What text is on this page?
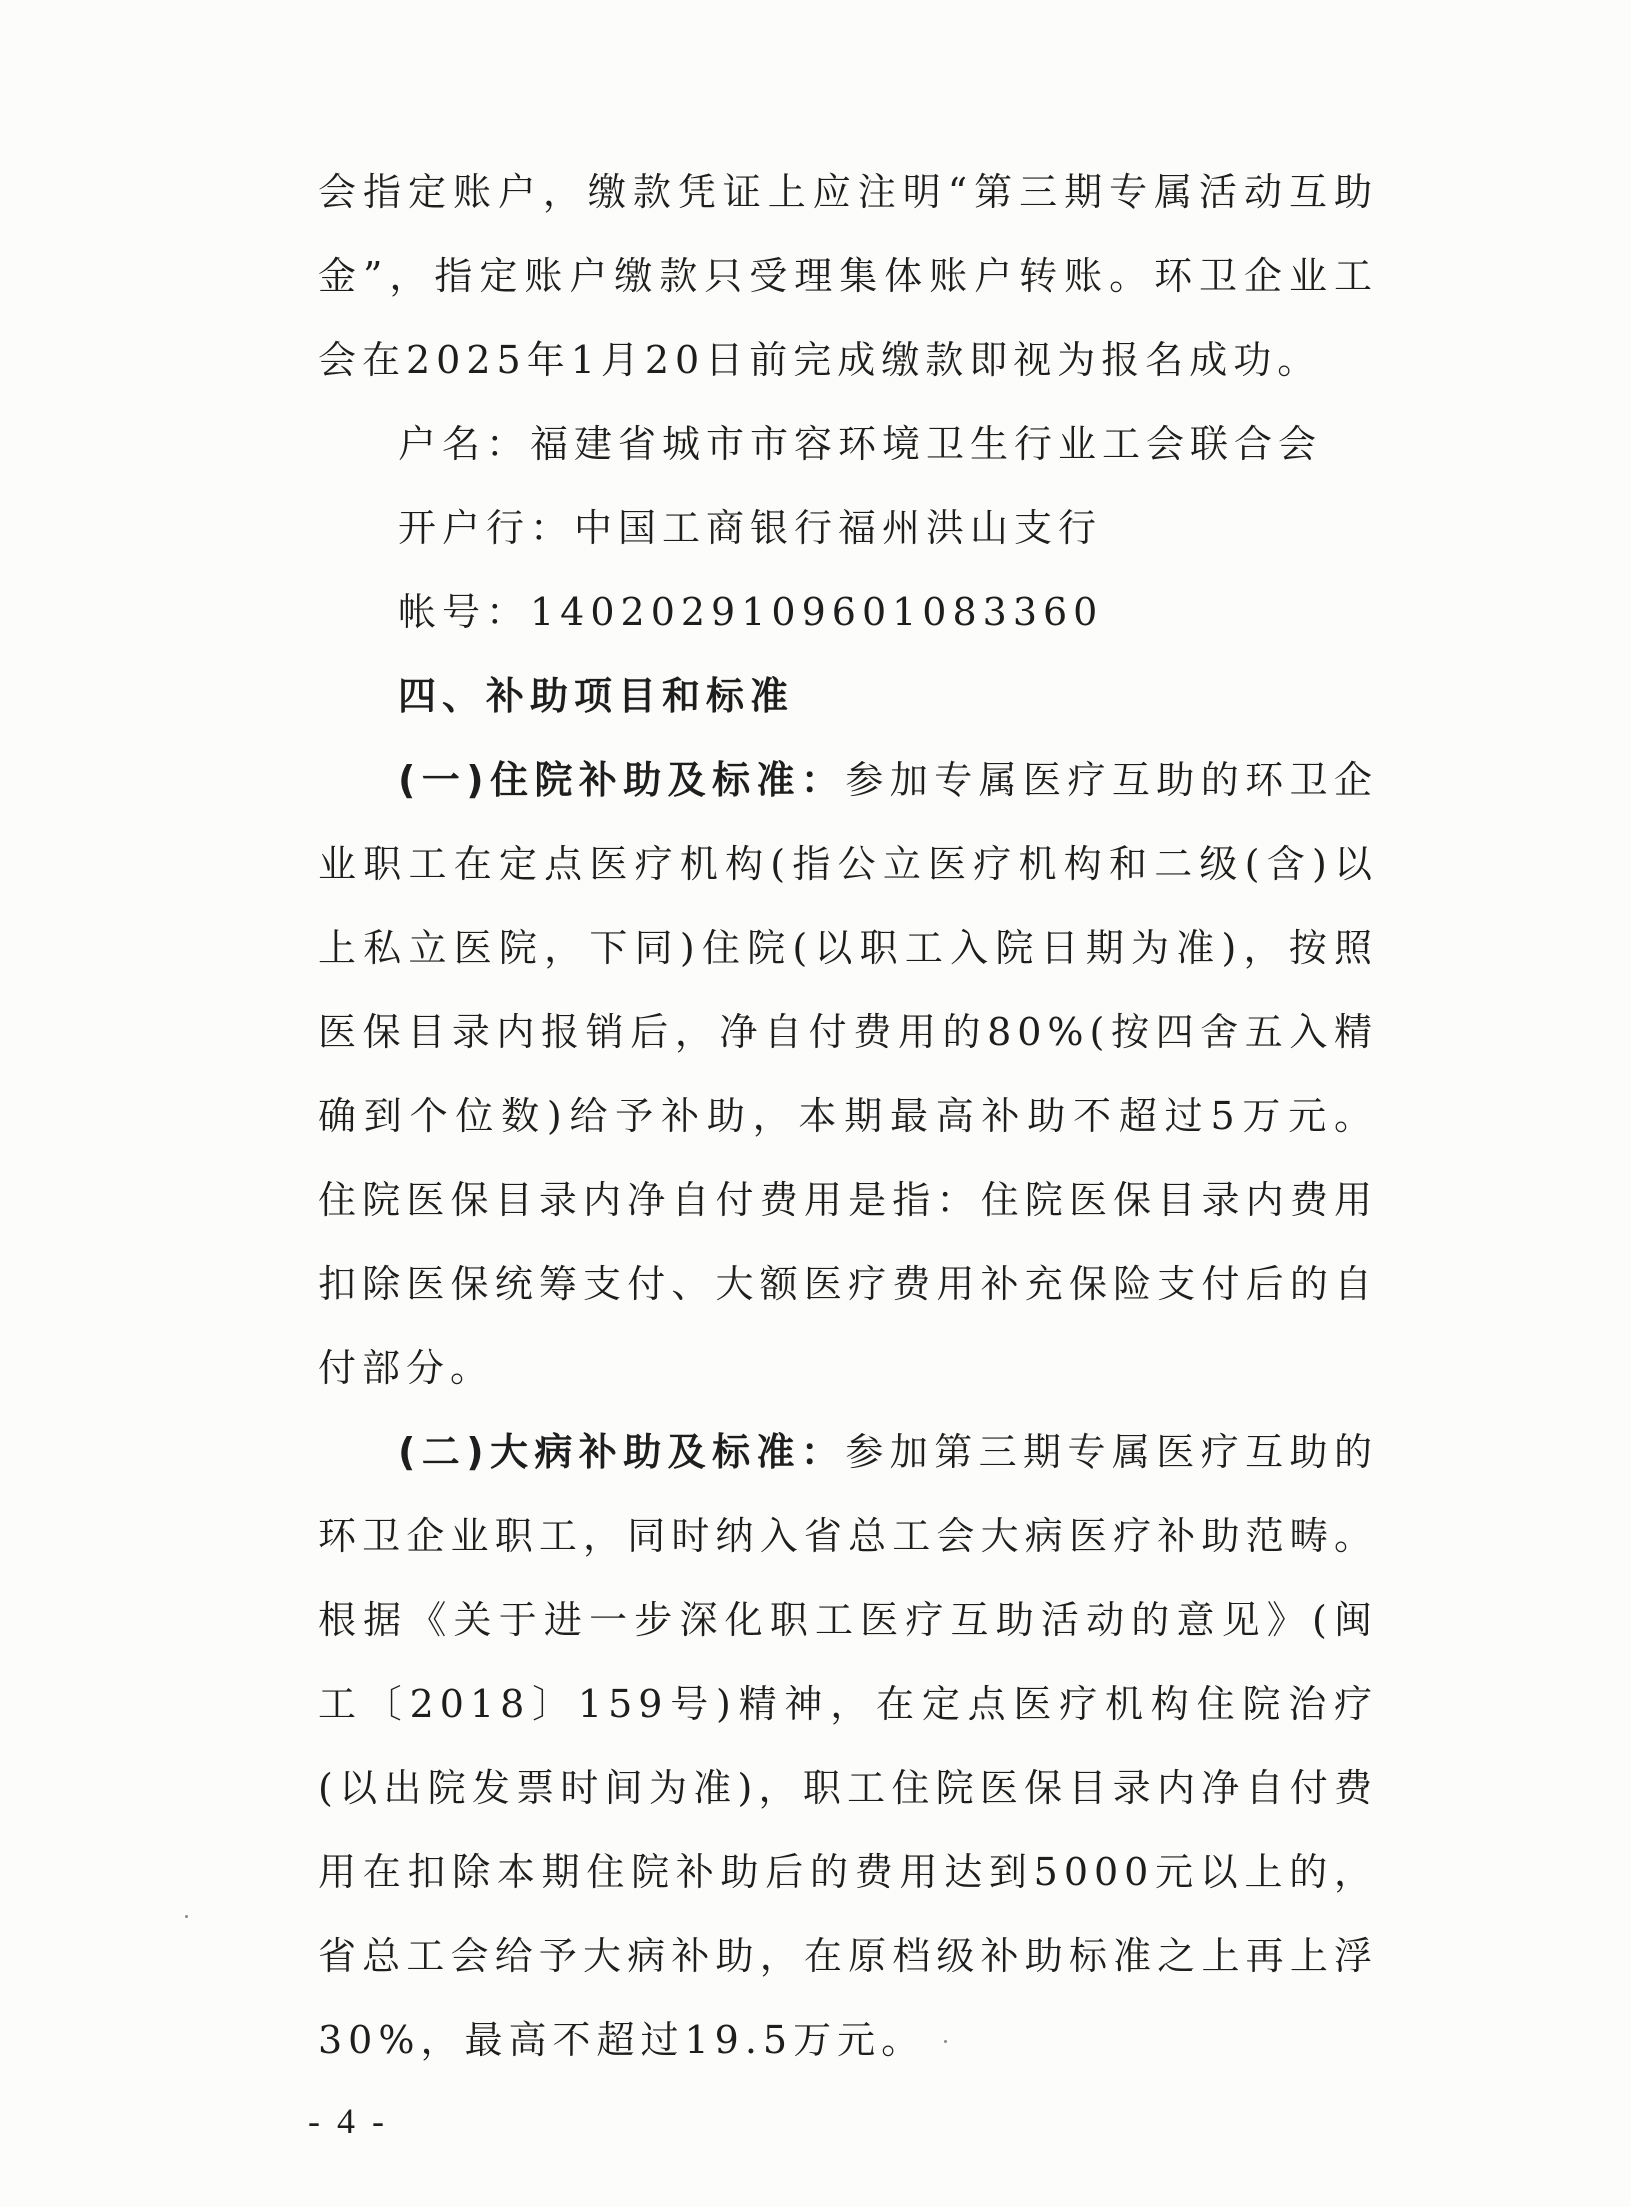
会指定账户，缴款凭证上应注明“第三期专属活动互助金”，指定账户缴款只受理集体账户转账。环卫企业工会在2025年1月20日前完成缴款即视为报名成功。

户名：福建省城市市容环境卫生行业工会联合会

开户行：中国工商银行福州洪山支行

帐号：1402029109601083360

四、补助项目和标准

(一)住院补助及标准：参加专属医疗互助的环卫企业职工在定点医疗机构(指公立医疗机构和二级(含)以上私立医院，下同)住院(以职工入院日期为准)，按照医保目录内报销后，净自付费用的80%(按四舍五入精确到个位数)给予补助，本期最高补助不超过5万元。住院医保目录内净自付费用是指：住院医保目录内费用扣除医保统筹支付、大额医疗费用补充保险支付后的自付部分。

(二)大病补助及标准：参加第三期专属医疗互助的环卫企业职工，同时纳入省总工会大病医疗补助范畴。根据《关于进一步深化职工医疗互助活动的意见》(闽工〔2018〕159号)精神，在定点医疗机构住院治疗(以出院发票时间为准)，职工住院医保目录内净自付费用在扣除本期住院补助后的费用达到5000元以上的，省总工会给予大病补助，在原档级补助标准之上再上浮30%，最高不超过19.5万元。

- 4 -
